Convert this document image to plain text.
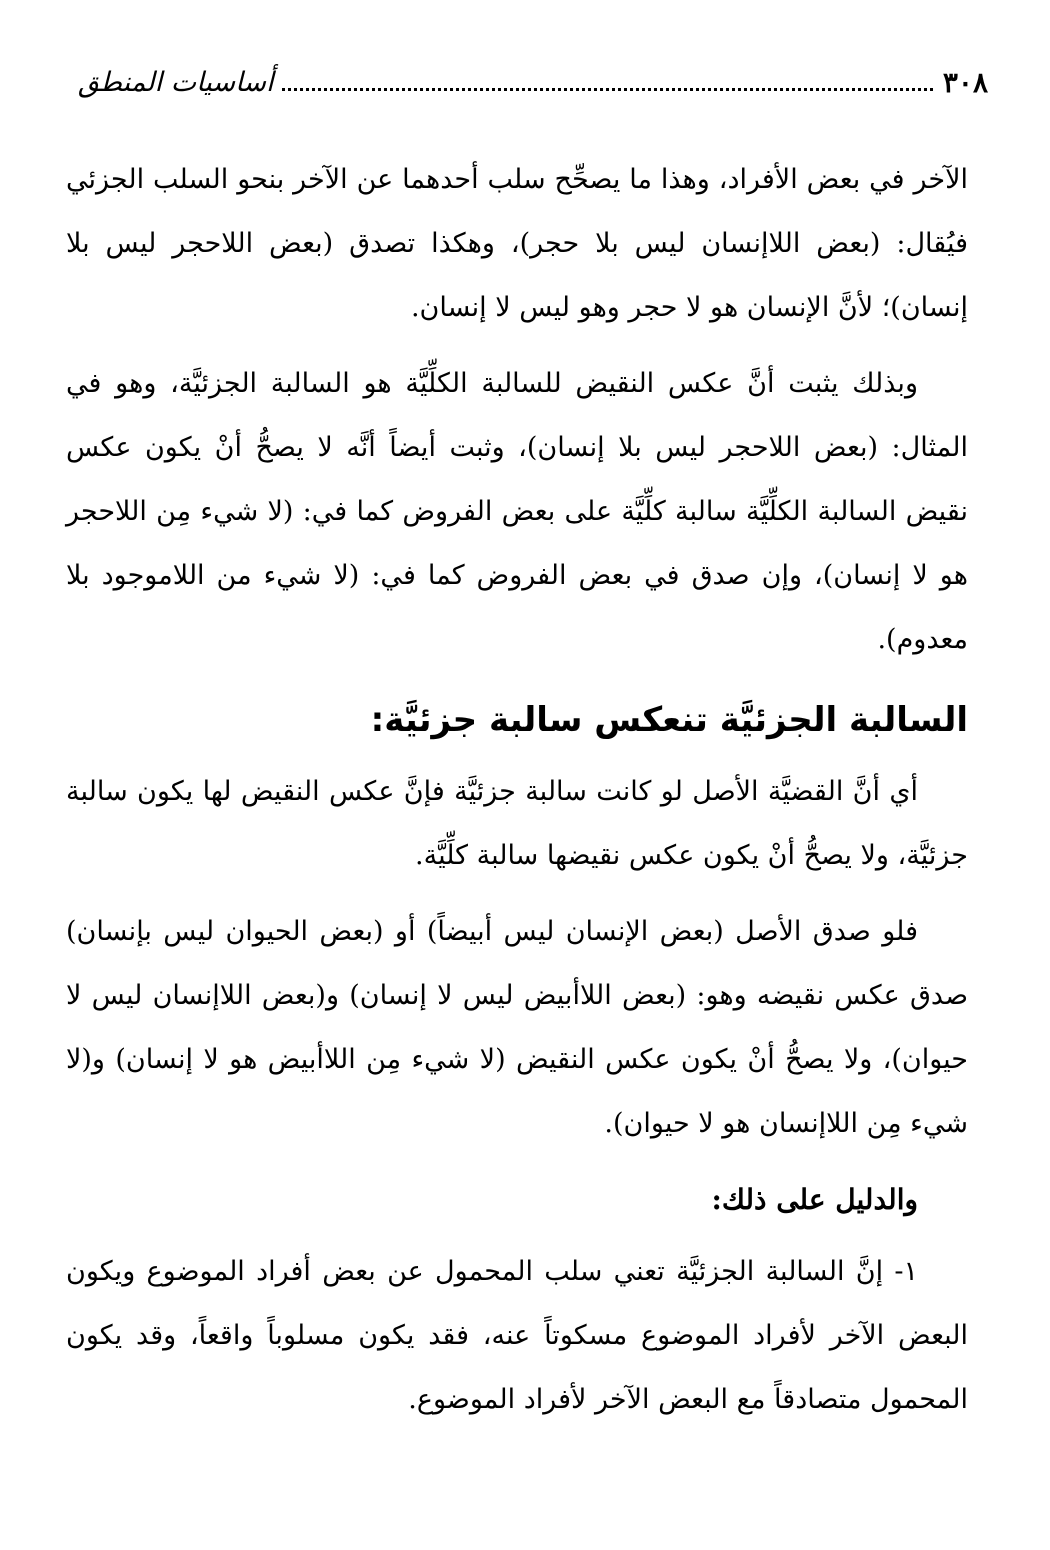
٣٠٨
أساسيات المنطق

الآخر في بعض الأفراد، وهذا ما يصحِّح سلب أحدهما عن الآخر بنحو السلب الجزئي فيُقال: (بعض اللاإنسان ليس بلا حجر)، وهكذا تصدق (بعض اللاحجر ليس بلا إنسان)؛ لأنَّ الإنسان هو لا حجر وهو ليس لا إنسان.

وبذلك يثبت أنَّ عكس النقيض للسالبة الكلِّيَّة هو السالبة الجزئيَّة، وهو في المثال: (بعض اللاحجر ليس بلا إنسان)، وثبت أيضاً أنَّه لا يصحُّ أنْ يكون عكس نقيض السالبة الكلِّيَّة سالبة كلِّيَّة على بعض الفروض كما في: (لا شيء مِن اللاحجر هو لا إنسان)، وإن صدق في بعض الفروض كما في: (لا شيء من اللاموجود بلا معدوم).

السالبة الجزئيَّة تنعكس سالبة جزئيَّة:

أي أنَّ القضيَّة الأصل لو كانت سالبة جزئيَّة فإنَّ عكس النقيض لها يكون سالبة جزئيَّة، ولا يصحُّ أنْ يكون عكس نقيضها سالبة كلِّيَّة.

فلو صدق الأصل (بعض الإنسان ليس أبيضاً) أو (بعض الحيوان ليس بإنسان) صدق عكس نقيضه وهو: (بعض اللاأبيض ليس لا إنسان) و(بعض اللاإنسان ليس لا حيوان)، ولا يصحُّ أنْ يكون عكس النقيض (لا شيء مِن اللاأبيض هو لا إنسان) و(لا شيء مِن اللاإنسان هو لا حيوان).

والدليل على ذلك:

١- إنَّ السالبة الجزئيَّة تعني سلب المحمول عن بعض أفراد الموضوع ويكون البعض الآخر لأفراد الموضوع مسكوتاً عنه، فقد يكون مسلوباً واقعاً، وقد يكون المحمول متصادقاً مع البعض الآخر لأفراد الموضوع.
